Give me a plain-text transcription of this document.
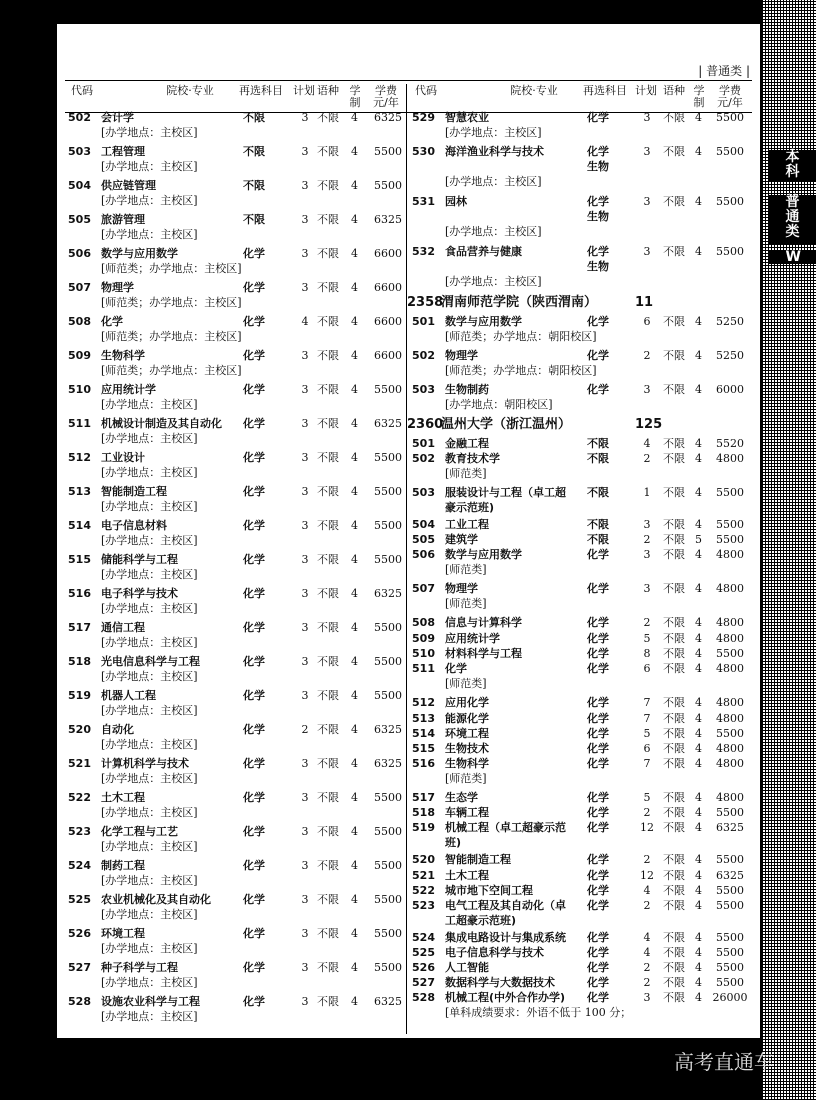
本科
普通类
W
| 普通类 |
代码	院校·专业	再选科目 计划 语种 学
制
学费
元/年
502 会计学	不限	3 不限 4	6325
[办学地点：主校区]
503 工程管理	不限	3 不限 4	5500
[办学地点：主校区]
504 供应链管理	不限	3 不限 4	5500
[办学地点：主校区]
505 旅游管理	不限	3 不限 4	6325
[办学地点：主校区]
506 数学与应用数学	化学	3 不限 4	6600
[师范类；办学地点：主校区]
507 物理学	化学	3 不限 4	6600
[师范类；办学地点：主校区]
508 化学	化学	4 不限 4	6600
[师范类；办学地点：主校区]
509 生物科学	化学	3 不限 4	6600
[师范类；办学地点：主校区]
510 应用统计学	化学	3 不限 4	5500
[办学地点：主校区]
511 机械设计制造及其自动化 化学	3 不限 4	6325
[办学地点：主校区]
512 工业设计	化学	3 不限 4	5500
[办学地点：主校区]
513 智能制造工程	化学	3 不限 4	5500
[办学地点：主校区]
514 电子信息材料	化学	3 不限 4	5500
[办学地点：主校区]
515 储能科学与工程	化学	3 不限 4	5500
[办学地点：主校区]
516 电子科学与技术	化学	3 不限 4	6325
[办学地点：主校区]
517 通信工程	化学	3 不限 4	5500
[办学地点：主校区]
518 光电信息科学与工程	化学	3 不限 4	5500
[办学地点：主校区]
519 机器人工程	化学	3 不限 4	5500
[办学地点：主校区]
520 自动化	化学	2 不限 4	6325
[办学地点：主校区]
521 计算机科学与技术	化学	3 不限 4	6325
[办学地点：主校区]
522 土木工程	化学	3 不限 4	5500
[办学地点：主校区]
523 化学工程与工艺	化学	3 不限 4	5500
[办学地点：主校区]
524 制药工程	化学	3 不限 4	5500
[办学地点：主校区]
525 农业机械化及其自动化	化学	3 不限 4	5500
[办学地点：主校区]
526 环境工程	化学	3 不限 4	5500
[办学地点：主校区]
527 种子科学与工程	化学	3 不限 4	5500
[办学地点：主校区]
528 设施农业科学与工程	化学	3 不限 4	6325
[办学地点：主校区]
代码	院校·专业	再选科目 计划 语种 学
制
学费
元/年
529 智慧农业	化学	3	不限 4	5500
[办学地点：主校区]
530 海洋渔业科学与技术	化学
生物
3	不限 4	5500
[办学地点：主校区]
531 园林	化学
生物
3	不限 4	5500
[办学地点：主校区]
532 食品营养与健康	化学
生物
3	不限 4	5500
[办学地点：主校区]
2358
渭南师范学院（陕西渭南）	11
501 数学与应用数学	化学	6	不限 4	5250
[师范类；办学地点：朝阳校区]
502 物理学	化学	2	不限 4	5250
[师范类；办学地点：朝阳校区]
503 生物制药	化学	3	不限 4	6000
[办学地点：朝阳校区]
2360
温州大学（浙江温州）	125
501 金融工程	不限	4	不限 4	5520
502 教育技术学	不限	2	不限 4	4800
[师范类]
503 服装设计与工程（卓工超 不限	1	不限 4	5500
豪示范班)
504 工业工程	不限	3	不限 4	5500
505 建筑学	不限	2	不限 5	5500
506 数学与应用数学	化学	3	不限 4	4800
[师范类]
507 物理学	化学	3	不限 4	4800
[师范类]
508 信息与计算科学	化学	2	不限 4	4800
509 应用统计学	化学	5	不限 4	4800
510 材料科学与工程	化学	8	不限 4	5500
511 化学	化学	6	不限 4	4800
[师范类]
512 应用化学	化学	7	不限 4	4800
513 能源化学	化学	7	不限 4	4800
514 环境工程	化学	5	不限 4	5500
515 生物技术	化学	6	不限 4	4800
516 生物科学	化学	7	不限 4	4800
[师范类]
517 生态学	化学	5	不限 4	4800
518 车辆工程	化学	2	不限 4	5500
519 机械工程（卓工超豪示范 化学	12 不限 4	6325
班)
520 智能制造工程	化学	2	不限 4	5500
521 土木工程	化学	12 不限 4	6325
522 城市地下空间工程	化学	4	不限 4	5500
523 电气工程及其自动化（卓 化学	2	不限 4	5500
工超豪示范班)
524 集成电路设计与集成系统 化学	4	不限 4	5500
525 电子信息科学与技术	化学	4	不限 4	5500
526 人工智能	化学	2	不限 4	5500
527 数据科学与大数据技术	化学	2	不限 4	5500
528 机械工程(中外合作办学) 化学	3	不限 4 26000
[单科成绩要求：外语不低于 100 分；
高考直通车
